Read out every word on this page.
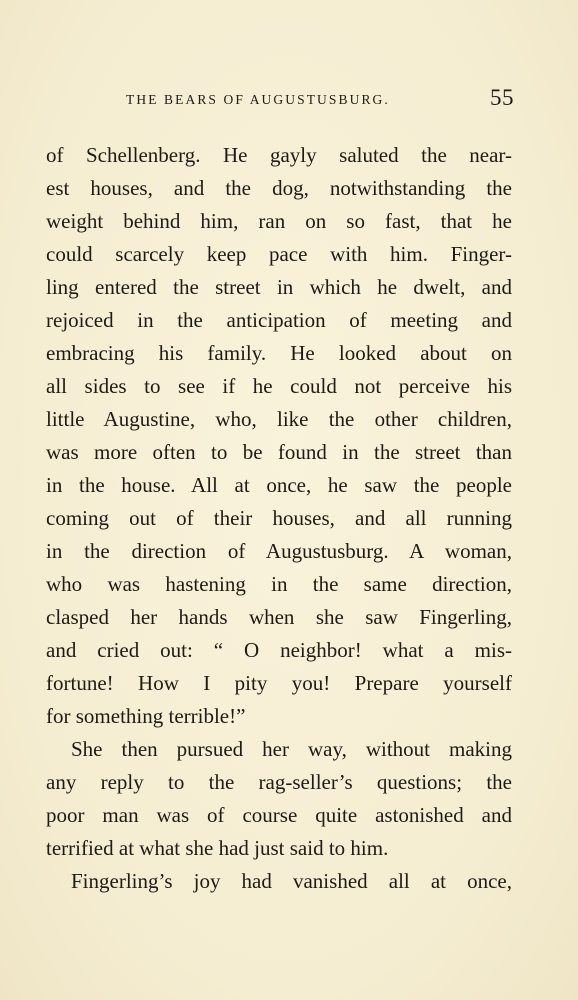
THE BEARS OF AUGUSTUSBURG.	55
of Schellenberg. He gayly saluted the near-
est houses, and the dog, notwithstanding the
weight behind him, ran on so fast, that he
could scarcely keep pace with him. Finger-
ling entered the street in which he dwelt, and
rejoiced in the anticipation of meeting and
embracing his family. He looked about on
all sides to see if he could not perceive his
little Augustine, who, like the other children,
was more often to be found in the street than
in the house. All at once, he saw the people
coming out of their houses, and all running
in the direction of Augustusburg. A woman,
who was hastening in the same direction,
clasped her hands when she saw Fingerling,
and cried out: “ O neighbor! what a mis-
fortune! How I pity you! Prepare yourself
for something terrible!”
She then pursued her way, without making
any reply to the rag-seller’s questions; the
poor man was of course quite astonished and
terrified at what she had just said to him.
Fingerling’s joy had vanished all at once,
